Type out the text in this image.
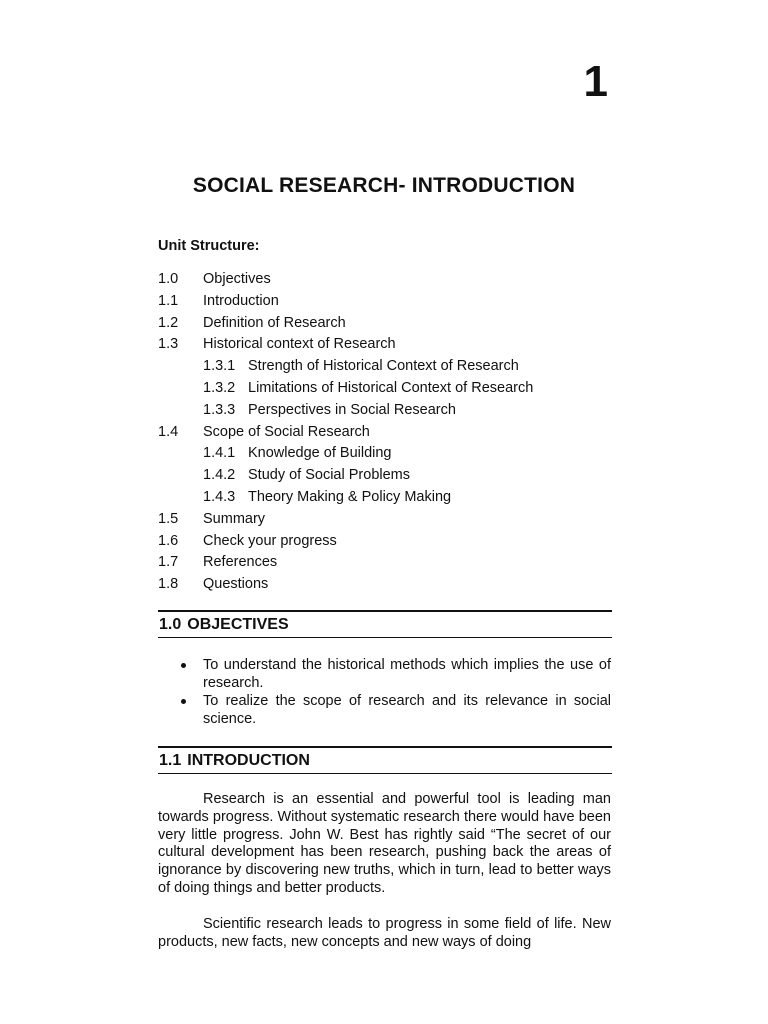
1
SOCIAL RESEARCH- INTRODUCTION
Unit Structure:
1.0 Objectives
1.1 Introduction
1.2 Definition of Research
1.3 Historical context of Research
1.3.1 Strength of Historical Context of Research
1.3.2 Limitations of Historical Context of Research
1.3.3 Perspectives in Social Research
1.4 Scope of Social Research
1.4.1 Knowledge of Building
1.4.2 Study of Social Problems
1.4.3 Theory Making & Policy Making
1.5 Summary
1.6 Check your progress
1.7 References
1.8 Questions
1.0 OBJECTIVES
To understand the historical methods which implies the use of research.
To realize the scope of research and its relevance in social science.
1.1 INTRODUCTION

Research is an essential and powerful tool is leading man towards progress. Without systematic research there would have been very little progress. John W. Best has rightly said “The secret of our cultural development has been research, pushing back the areas of ignorance by discovering new truths, which in turn, lead to better ways of doing things and better products.

Scientific research leads to progress in some field of life. New products, new facts, new concepts and new ways of doing
